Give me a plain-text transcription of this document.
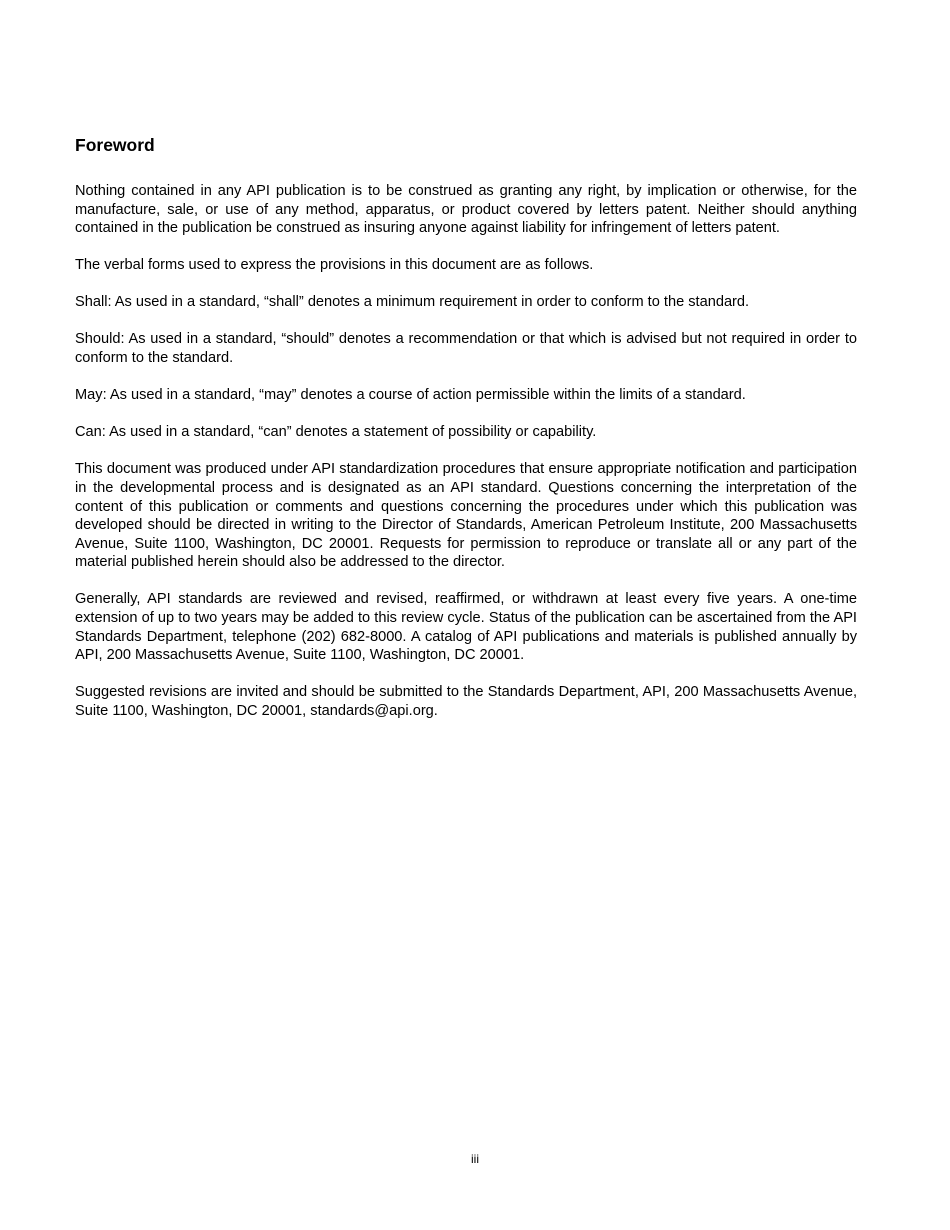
Foreword

Nothing contained in any API publication is to be construed as granting any right, by implication or otherwise, for the manufacture, sale, or use of any method, apparatus, or product covered by letters patent. Neither should anything contained in the publication be construed as insuring anyone against liability for infringement of letters patent.

The verbal forms used to express the provisions in this document are as follows.

Shall: As used in a standard, “shall” denotes a minimum requirement in order to conform to the standard.

Should: As used in a standard, “should” denotes a recommendation or that which is advised but not required in order to conform to the standard.

May: As used in a standard, “may” denotes a course of action permissible within the limits of a standard.

Can: As used in a standard, “can” denotes a statement of possibility or capability.

This document was produced under API standardization procedures that ensure appropriate notification and participation in the developmental process and is designated as an API standard. Questions concerning the interpretation of the content of this publication or comments and questions concerning the procedures under which this publication was developed should be directed in writing to the Director of Standards, American Petroleum Institute, 200 Massachusetts Avenue, Suite 1100, Washington, DC 20001. Requests for permission to reproduce or translate all or any part of the material published herein should also be addressed to the director.

Generally, API standards are reviewed and revised, reaffirmed, or withdrawn at least every five years. A one-time extension of up to two years may be added to this review cycle. Status of the publication can be ascertained from the API Standards Department, telephone (202) 682-8000. A catalog of API publications and materials is published annually by API, 200 Massachusetts Avenue, Suite 1100, Washington, DC 20001.

Suggested revisions are invited and should be submitted to the Standards Department, API, 200 Massachusetts Avenue, Suite 1100, Washington, DC 20001, standards@api.org.

iii
